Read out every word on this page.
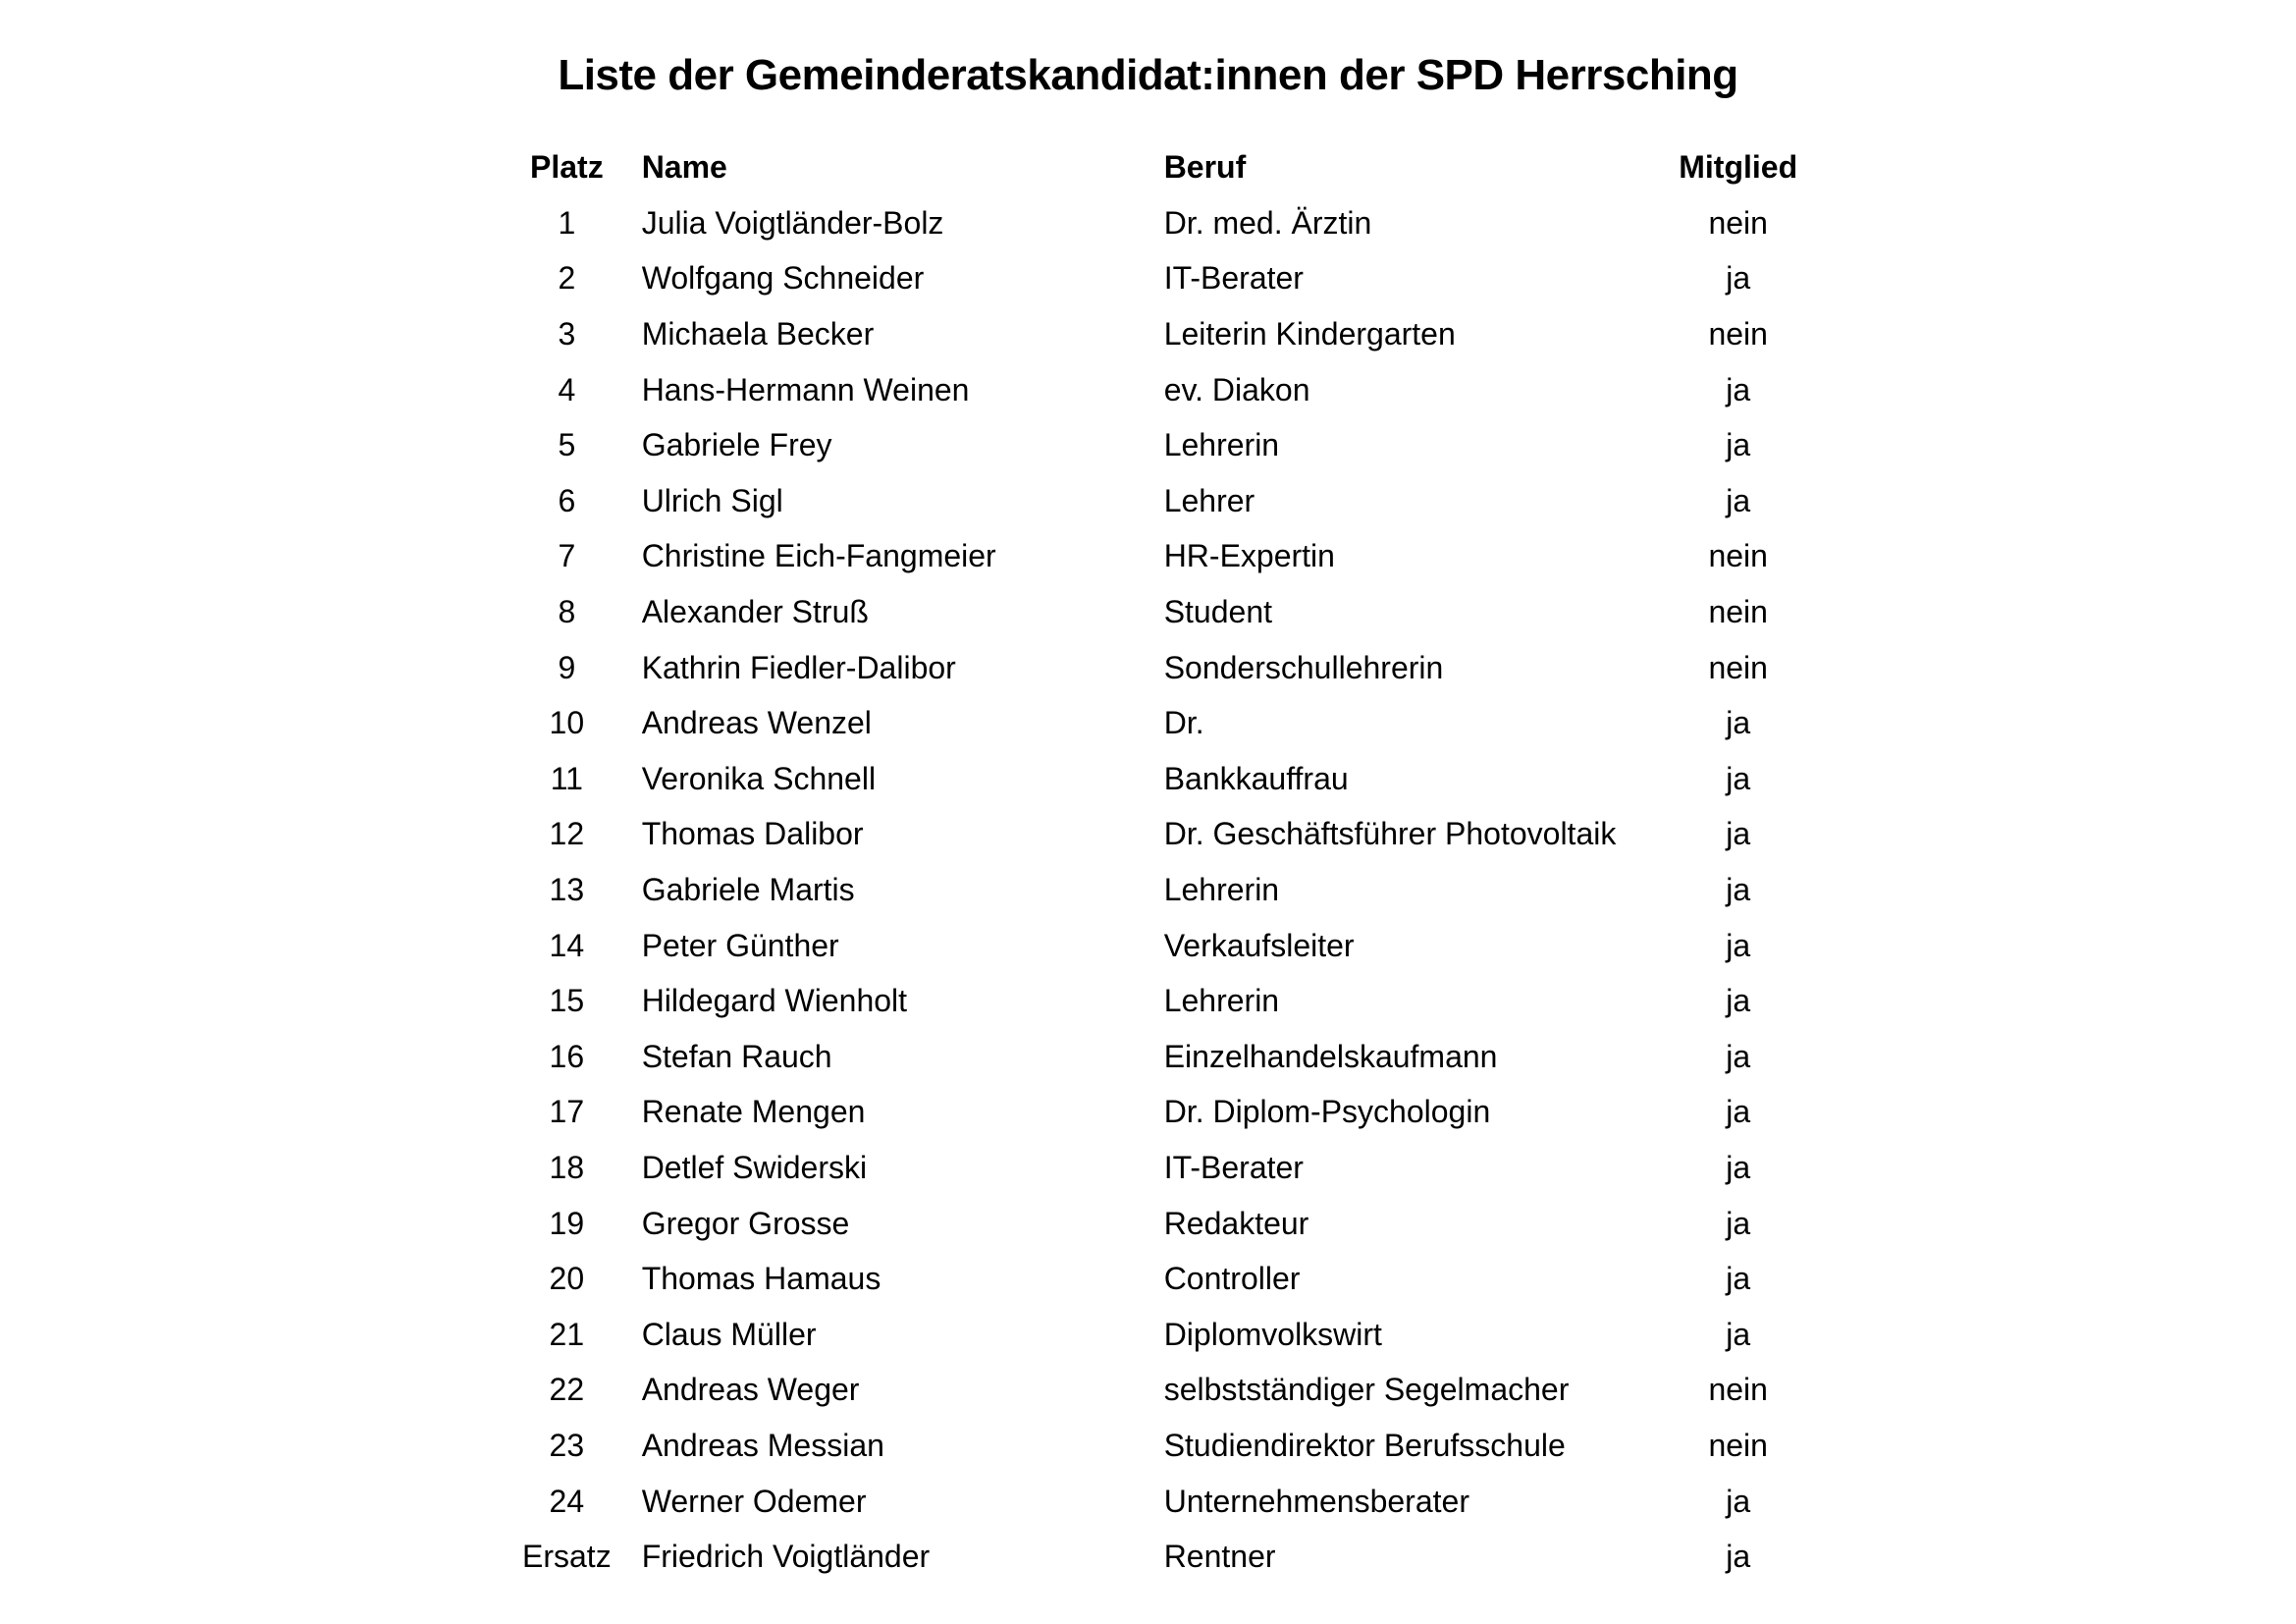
Liste der Gemeinderatskandidat:innen der SPD Herrsching
Platz	Name	Beruf	Mitglied
1	Julia Voigtländer-Bolz	Dr. med. Ärztin	nein
2	Wolfgang Schneider	IT-Berater	ja
3	Michaela Becker	Leiterin Kindergarten	nein
4	Hans-Hermann Weinen	ev. Diakon	ja
5	Gabriele Frey	Lehrerin	ja
6	Ulrich Sigl	Lehrer	ja
7	Christine Eich-Fangmeier	HR-Expertin	nein
8	Alexander Struß	Student	nein
9	Kathrin Fiedler-Dalibor	Sonderschullehrerin	nein
10	Andreas Wenzel	Dr.	ja
11	Veronika Schnell	Bankkauffrau	ja
12	Thomas Dalibor	Dr. Geschäftsführer Photovoltaik	ja
13	Gabriele Martis	Lehrerin	ja
14	Peter Günther	Verkaufsleiter	ja
15	Hildegard Wienholt	Lehrerin	ja
16	Stefan Rauch	Einzelhandelskaufmann	ja
17	Renate Mengen	Dr. Diplom-Psychologin	ja
18	Detlef Swiderski	IT-Berater	ja
19	Gregor Grosse	Redakteur	ja
20	Thomas Hamaus	Controller	ja
21	Claus Müller	Diplomvolkswirt	ja
22	Andreas Weger	selbstständiger Segelmacher	nein
23	Andreas Messian	Studiendirektor Berufsschule	nein
24	Werner Odemer	Unternehmensberater	ja
Ersatz	Friedrich Voigtländer	Rentner	ja
